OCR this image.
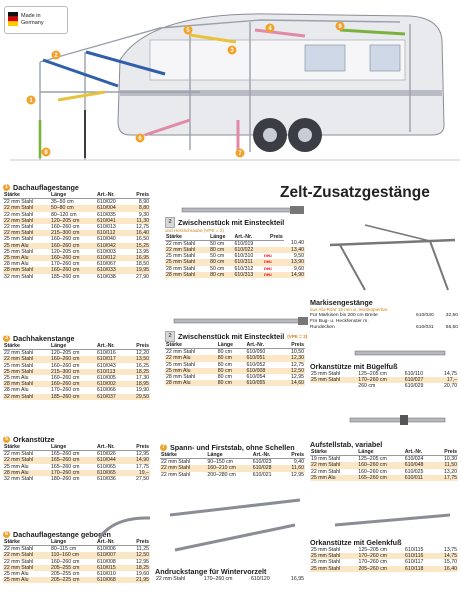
1
2
3
4
5
6
7
8
9
Made in
Germany
Zelt-Zusatzgestänge
1 Dachauflagestange
Stärke	Länge	Art.-Nr.	Preis
22 mm Stahl	35–50 cm	610/020	8,90
22 mm Stahl	50–80 cm	610/004	8,80
22 mm Stahl	80–120 cm	610/035	9,30
22 mm Stahl	120–205 cm	610/041	11,30
22 mm Stahl	160–260 cm	610/013	12,75
22 mm Stahl	215–300 cm	610/112	16,40
25 mm Stahl	160–260 cm	610/040	16,50
25 mm Alu	160–260 cm	610/042	15,25
25 mm Stahl	120–205 cm	610/003	13,95
25 mm Alu	160–260 cm	610/012	16,95
28 mm Alu	170–260 cm	610/067	18,50
28 mm Stahl	160–260 cm	610/033	19,95
32 mm Stahl	185–260 cm	610/038	27,90
2 Zwischenstück mit Einsteckteil
und Herzschraube (VPE = 2)
Stärke	Länge	Art.-Nr.	Preis	
22 mm Stahl	50 cm	610/019		10,40
22 mm Stahl	80 cm	610/022		13,40
25 mm Stahl	50 cm	610/310	neu	9,50
25 mm Stahl	80 cm	610/311	neu	13,90
28 mm Stahl	50 cm	610/312	neu	9,60
28 mm Stahl	80 cm	610/313	neu	14,90
3 Dachhakenstange
Stärke	Länge	Art.-Nr.	Preis
22 mm Stahl	120–205 cm	610/016	12,20
22 mm Stahl	160–260 cm	610/017	13,50
25 mm Stahl	160–260 cm	610/043	16,25
25 mm Stahl	215–300 cm	610/113	18,25
25 mm Alu	160–260 cm	610/005	17,30
28 mm Stahl	160–260 cm	610/002	18,95
28 mm Alu	170–260 cm	610/066	19,90
32 mm Stahl	185–260 cm	610/037	29,50
2 Zwischenstück mit Einsteckteil (VPE = 2)
Stärke	Länge	Art.-Nr.	Preis
22 mm Stahl	80 cm	610/050	10,50
22 mm Alu	80 cm	610/051	12,30
25 mm Stahl	80 cm	610/052	12,75
25 mm Alu	80 cm	610/008	12,50
28 mm Stahl	80 cm	610/054	12,95
28 mm Alu	80 cm	610/055	14,60
5 Orkanstütze
Stärke	Länge	Art.-Nr.	Preis
22 mm Stahl	165–260 cm	610/026	12,95
22 mm Stahl	165–260 cm	610/044	14,90
25 mm Alu	165–260 cm	610/065	17,75
28 mm Alu	170–260 cm	610/065	19,–
32 mm Stahl	180–260 cm	610/036	27,50
6 Dachauflagestange gebogen
Stärke	Länge	Art.-Nr.	Preis
22 mm Stahl	80–115 cm	610/006	11,25
22 mm Stahl	110–160 cm	610/007	12,50
22 mm Stahl	160–260 cm	610/008	12,95
22 mm Stahl	205–255 cm	610/015	18,25
25 mm Alu	205–255 cm	610/010	19,60
25 mm Alu	205–225 cm	610/068	21,95
7 Spann- und Firststab, ohne Schellen
Stärke	Länge	Art.-Nr.	Preis
22 mm Stahl	90–150 cm	610/023	9,40
22 mm Stahl	160–210 cm	610/028	11,60
22 mm Stahl	200–280 cm	610/021	12,95
Andruckstange für Wintervorzelt
22 mm Stahl	170–260 cm	610/120	16,95
Markisengestänge
aus Alu-Rohr 18 mm ø, teleskopierbar
Für Markisen bis 200 cm Breite	610/030	32,50
Für Bug- u. Heckfenster m.
Rundecken	610/031	65,50
Orkanstütze mit Bügelfuß
25 mm Stahl	125–205 cm	610/110	14,75
25 mm Stahl	170–260 cm	610/027	17,–
	260 cm	610/029	20,70
Aufstellstab, variabel
Stärke	Länge	Art.-Nr.	Preis
19 mm Stahl	125–205 cm	610/024	10,30
22 mm Stahl	160–260 cm	610/048	11,50
22 mm Stahl	160–260 cm	610/025	13,20
25 mm Alu	165–260 cm	610/011	17,75
Orkanstütze mit Gelenkfuß
25 mm Stahl	125–205 cm	610/115	13,75
25 mm Stahl	170–260 cm	610/116	14,75
25 mm Stahl	170–260 cm	610/117	15,70
25 mm Stahl	205–260 cm	610/118	16,40
